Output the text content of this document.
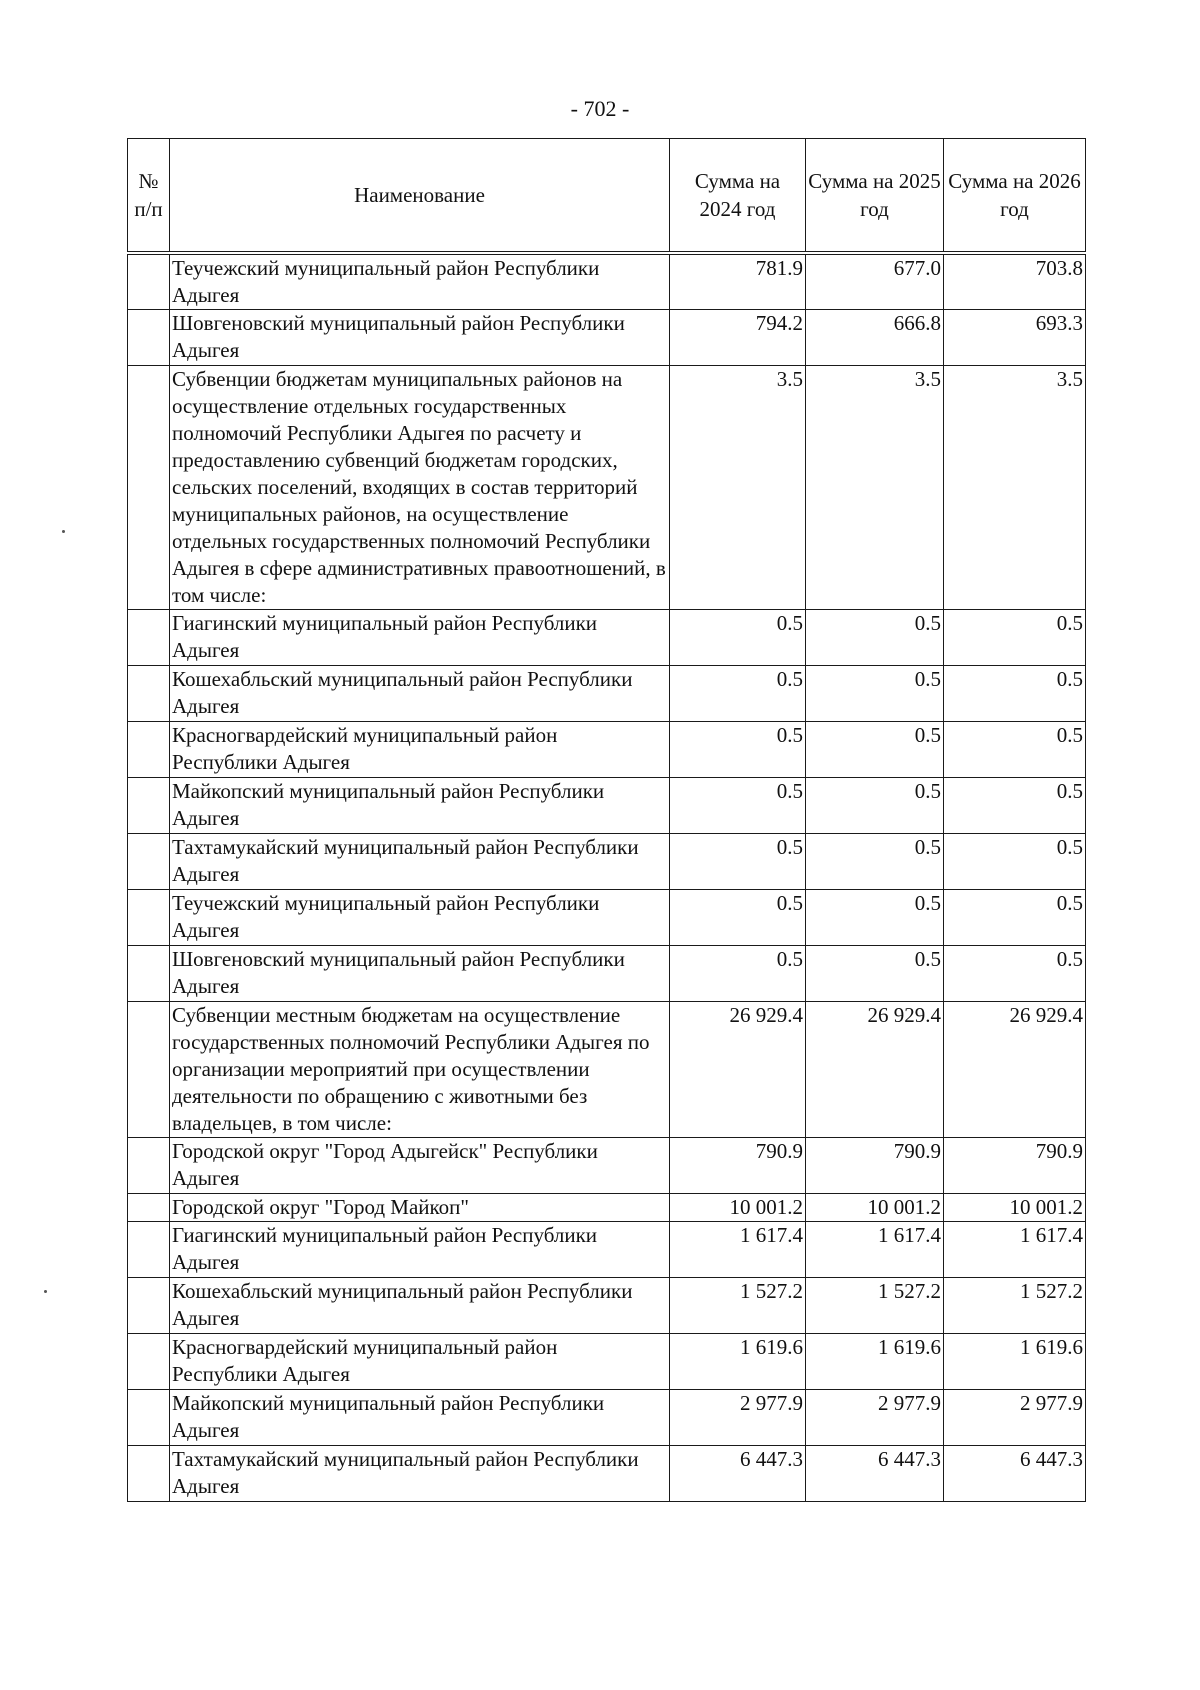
- 702 -
№ п/п	Наименование	Сумма на 2024 год	Сумма на 2025 год	Сумма на 2026 год
	Теучежский муниципальный район Республики Адыгея	781.9	677.0	703.8
	Шовгеновский муниципальный район Республики Адыгея	794.2	666.8	693.3
	Субвенции бюджетам муниципальных районов на осуществление отдельных государственных полномочий Республики Адыгея по расчету и предоставлению субвенций бюджетам городских, сельских поселений, входящих в состав территорий муниципальных районов, на осуществление отдельных государственных полномочий Республики Адыгея в сфере административных правоотношений, в том числе:	3.5	3.5	3.5
	Гиагинский муниципальный район Республики Адыгея	0.5	0.5	0.5
	Кошехабльский муниципальный район Республики Адыгея	0.5	0.5	0.5
	Красногвардейский муниципальный район Республики Адыгея	0.5	0.5	0.5
	Майкопский муниципальный район Республики Адыгея	0.5	0.5	0.5
	Тахтамукайский муниципальный район Республики Адыгея	0.5	0.5	0.5
	Теучежский муниципальный район Республики Адыгея	0.5	0.5	0.5
	Шовгеновский муниципальный район Республики Адыгея	0.5	0.5	0.5
	Субвенции местным бюджетам на осуществление государственных полномочий Республики Адыгея по организации мероприятий при осуществлении деятельности по обращению с животными без владельцев, в том числе:	26 929.4	26 929.4	26 929.4
	Городской округ "Город Адыгейск" Республики Адыгея	790.9	790.9	790.9
	Городской округ "Город Майкоп"	10 001.2	10 001.2	10 001.2
	Гиагинский муниципальный район Республики Адыгея	1 617.4	1 617.4	1 617.4
	Кошехабльский муниципальный район Республики Адыгея	1 527.2	1 527.2	1 527.2
	Красногвардейский муниципальный район Республики Адыгея	1 619.6	1 619.6	1 619.6
	Майкопский муниципальный район Республики Адыгея	2 977.9	2 977.9	2 977.9
	Тахтамукайский муниципальный район Республики Адыгея	6 447.3	6 447.3	6 447.3
